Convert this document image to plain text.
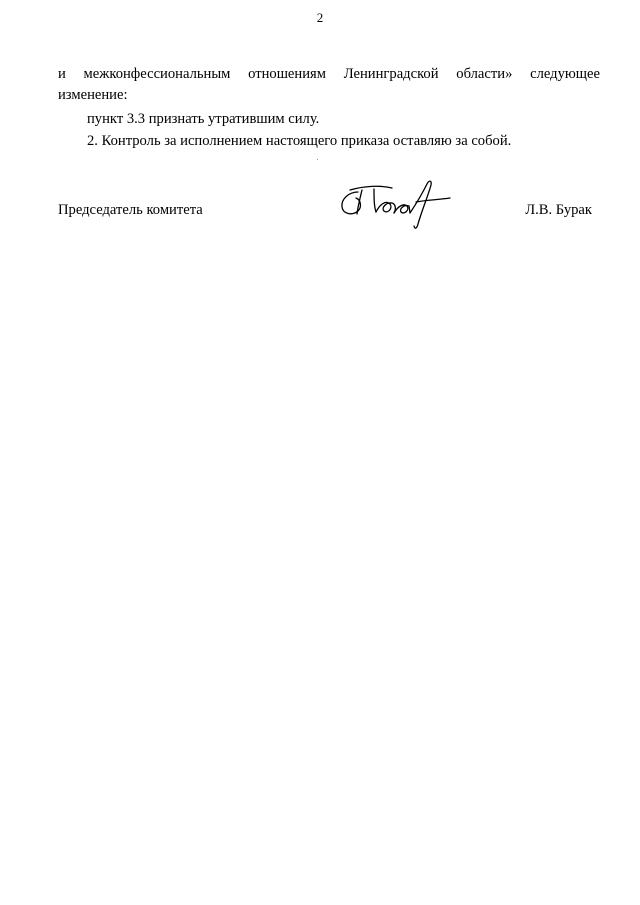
2
и межконфессиональным отношениям Ленинградской области» следующее
изменение:
пункт 3.3 признать утратившим силу.
2. Контроль за исполнением настоящего приказа оставляю за собой.
Председатель комитета	Л.В. Бурак
